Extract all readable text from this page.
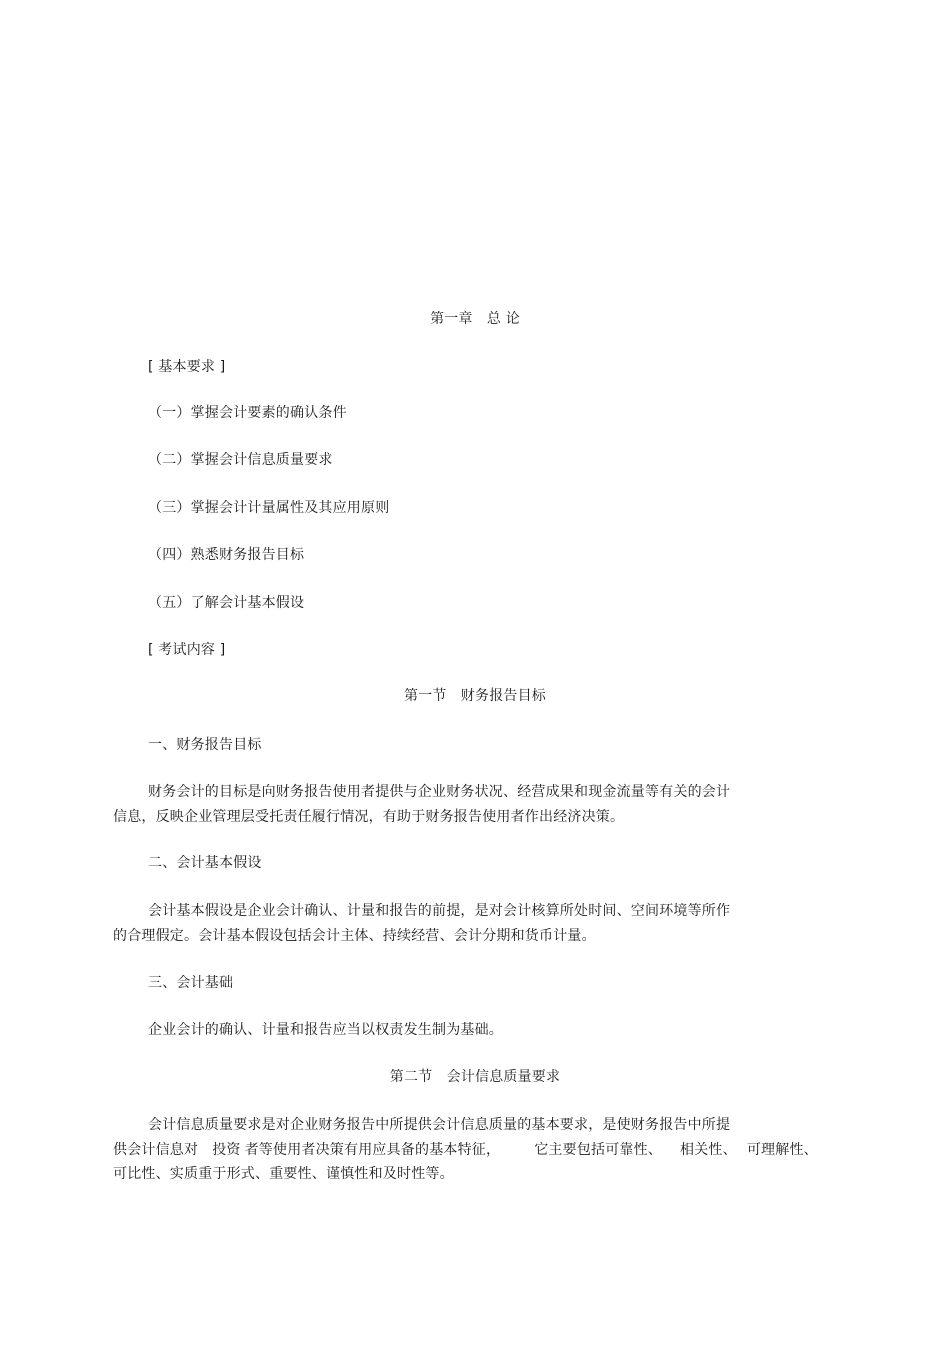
第一章　总 论
[ 基本要求 ]
（一）掌握会计要素的确认条件
（二）掌握会计信息质量要求
（三）掌握会计计量属性及其应用原则
（四）熟悉财务报告目标
（五）了解会计基本假设
[ 考试内容 ]
第一节　财务报告目标
一、财务报告目标
财务会计的目标是向财务报告使用者提供与企业财务状况、经营成果和现金流量等有关的会计
信息，反映企业管理层受托责任履行情况，有助于财务报告使用者作出经济决策。
二、会计基本假设
会计基本假设是企业会计确认、计量和报告的前提，是对会计核算所处时间、空间环境等所作
的合理假定。会计基本假设包括会计主体、持续经营、会计分期和货币计量。
三、会计基础
企业会计的确认、计量和报告应当以权责发生制为基础。
第二节　会计信息质量要求
会计信息质量要求是对企业财务报告中所提供会计信息质量的基本要求，是使财务报告中所提
供会计信息对 投资 者等使用者决策有用应具备的基本特征， 它主要包括可靠性、 相关性、 可理解性、
可比性、实质重于形式、重要性、谨慎性和及时性等。
